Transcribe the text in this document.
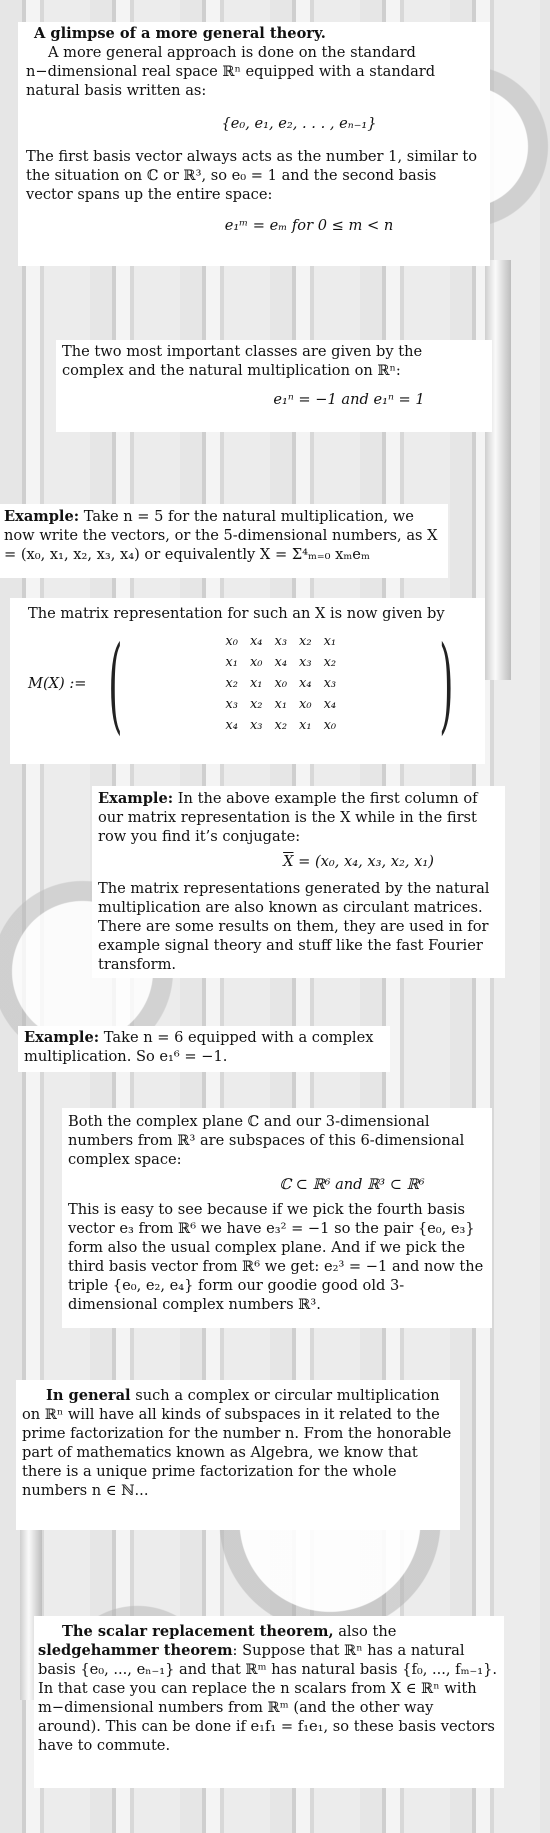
A glimpse of a more general theory.

A more general approach is done on the standard n−dimensional real space ℝⁿ equipped with a standard natural basis written as:

{e₀, e₁, e₂, . . . , eₙ₋₁}

The first basis vector always acts as the number 1, similar to the situation on ℂ or ℝ³, so e₀ = 1 and the second basis vector spans up the entire space:

e₁ᵐ = eₘ for 0 ≤ m < n

The two most important classes are given by the complex and the natural multiplication on ℝⁿ:

e₁ⁿ = −1 and e₁ⁿ = 1

Example: Take n = 5 for the natural multiplication, we now write the vectors, or the 5-dimensional numbers, as X = (x₀, x₁, x₂, x₃, x₄) or equivalently X = Σ⁴ₘ₌₀ xₘeₘ

The matrix representation for such an X is now given by

M(X) := (	x₀	x₄	x₃	x₂	x₁
x₁	x₀	x₄	x₃	x₂
x₂	x₁	x₀	x₄	x₃
x₃	x₂	x₁	x₀	x₄
x₄	x₃	x₂	x₁	x₀ )

Example: In the above example the first column of our matrix representation is the X while in the first row you find it’s conjugate:

$\overline{X} = (x_0$, x₄, x₃, x₂, x₁)

The matrix representations generated by the natural multiplication are also known as circulant matrices. There are some results on them, they are used in for example signal theory and stuff like the fast Fourier transform.

Example: Take n = 6 equipped with a complex multiplication. So e₁⁶ = −1.

Both the complex plane ℂ and our 3-dimensional numbers from ℝ³ are subspaces of this 6-dimensional complex space:

ℂ ⊂ ℝ⁶ and ℝ³ ⊂ ℝ⁶

This is easy to see because if we pick the fourth basis vector e₃ from ℝ⁶ we have e₃² = −1 so the pair {e₀, e₃} form also the usual complex plane. And if we pick the third basis vector from ℝ⁶ we get: e₂³ = −1 and now the triple {e₀, e₂, e₄} form our goodie good old 3-dimensional complex numbers ℝ³.

In general such a complex or circular multiplication on ℝⁿ will have all kinds of subspaces in it related to the prime factorization for the number n. From the honorable part of mathematics known as Algebra, we know that there is a unique prime factorization for the whole numbers n ∈ ℕ...

The scalar replacement theorem, also the sledgehammer theorem: Suppose that ℝⁿ has a natural basis {e₀, ..., eₙ₋₁} and that ℝᵐ has natural basis {f₀, ..., fₘ₋₁}. In that case you can replace the n scalars from X ∈ ℝⁿ with m−dimensional numbers from ℝᵐ (and the other way around). This can be done if e₁f₁ = f₁e₁, so these basis vectors have to commute.
